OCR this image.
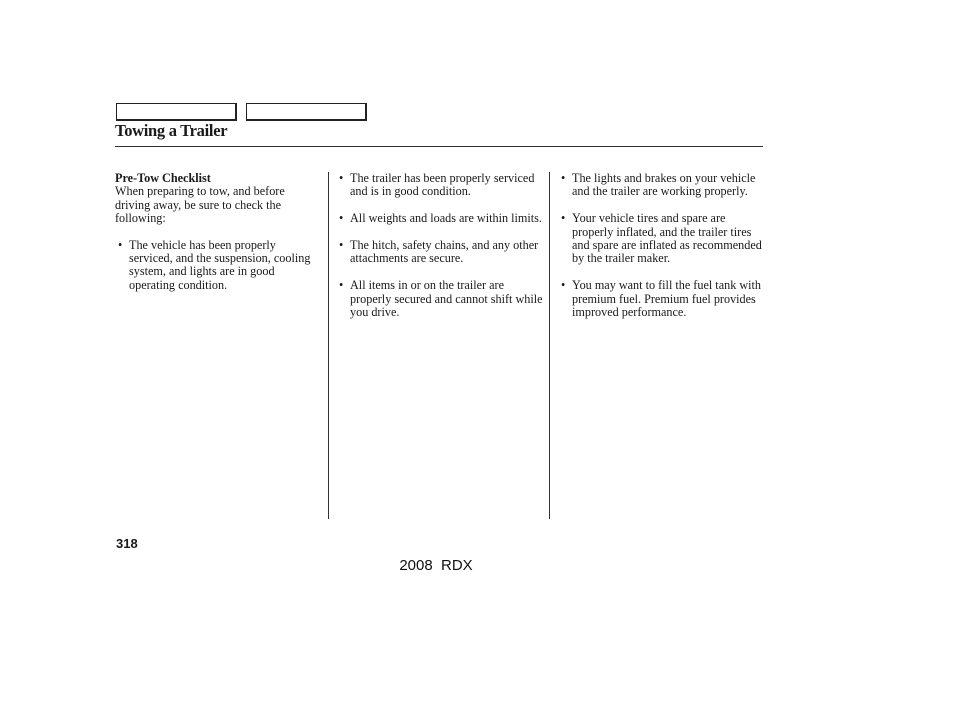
Towing a Trailer

Pre-Tow Checklist

When preparing to tow, and before driving away, be sure to check the following:

• The vehicle has been properly serviced, and the suspension, cooling system, and lights are in good operating condition.
• The trailer has been properly serviced and is in good condition.
• All weights and loads are within limits.
• The hitch, safety chains, and any other attachments are secure.
• All items in or on the trailer are properly secured and cannot shift while you drive.
• The lights and brakes on your vehicle and the trailer are working properly.
• Your vehicle tires and spare are properly inflated, and the trailer tires and spare are inflated as recommended by the trailer maker.
• You may want to fill the fuel tank with premium fuel. Premium fuel provides improved performance.
318
2008  RDX
